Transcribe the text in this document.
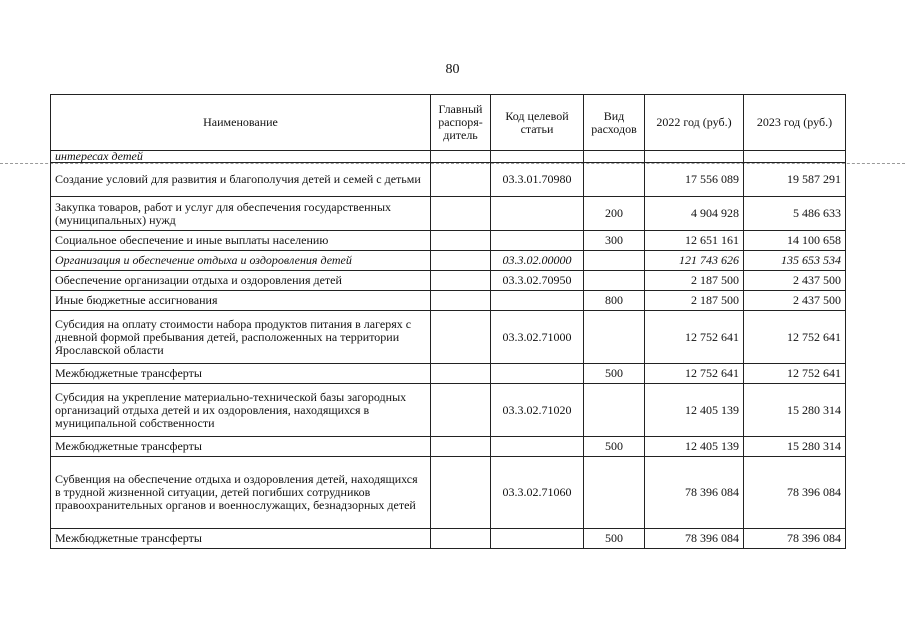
80
Наименование	Главный распоря-дитель	Код целевой статьи	Вид расходов	2022 год (руб.)	2023 год (руб.)
интересах детей					
Создание условий для развития и благополучия детей и семей с детьми		03.3.01.70980		17 556 089	19 587 291
Закупка товаров, работ и услуг для обеспечения государственных (муниципальных) нужд			200	4 904 928	5 486 633
Социальное обеспечение и иные выплаты населению			300	12 651 161	14 100 658
Организация и обеспечение отдыха и оздоровления детей		03.3.02.00000		121 743 626	135 653 534
Обеспечение организации отдыха и оздоровления детей		03.3.02.70950		2 187 500	2 437 500
Иные бюджетные ассигнования			800	2 187 500	2 437 500
Субсидия на оплату стоимости набора продуктов питания в лагерях с дневной формой пребывания детей, расположенных на территории Ярославской области		03.3.02.71000		12 752 641	12 752 641
Межбюджетные трансферты			500	12 752 641	12 752 641
Субсидия на укрепление материально-технической базы загородных организаций отдыха детей и их оздоровления, находящихся в муниципальной собственности		03.3.02.71020		12 405 139	15 280 314
Межбюджетные трансферты			500	12 405 139	15 280 314
Субвенция на обеспечение отдыха и оздоровления детей, находящихся в трудной жизненной ситуации, детей погибших сотрудников правоохранительных органов и военнослужащих, безнадзорных детей		03.3.02.71060		78 396 084	78 396 084
Межбюджетные трансферты			500	78 396 084	78 396 084
